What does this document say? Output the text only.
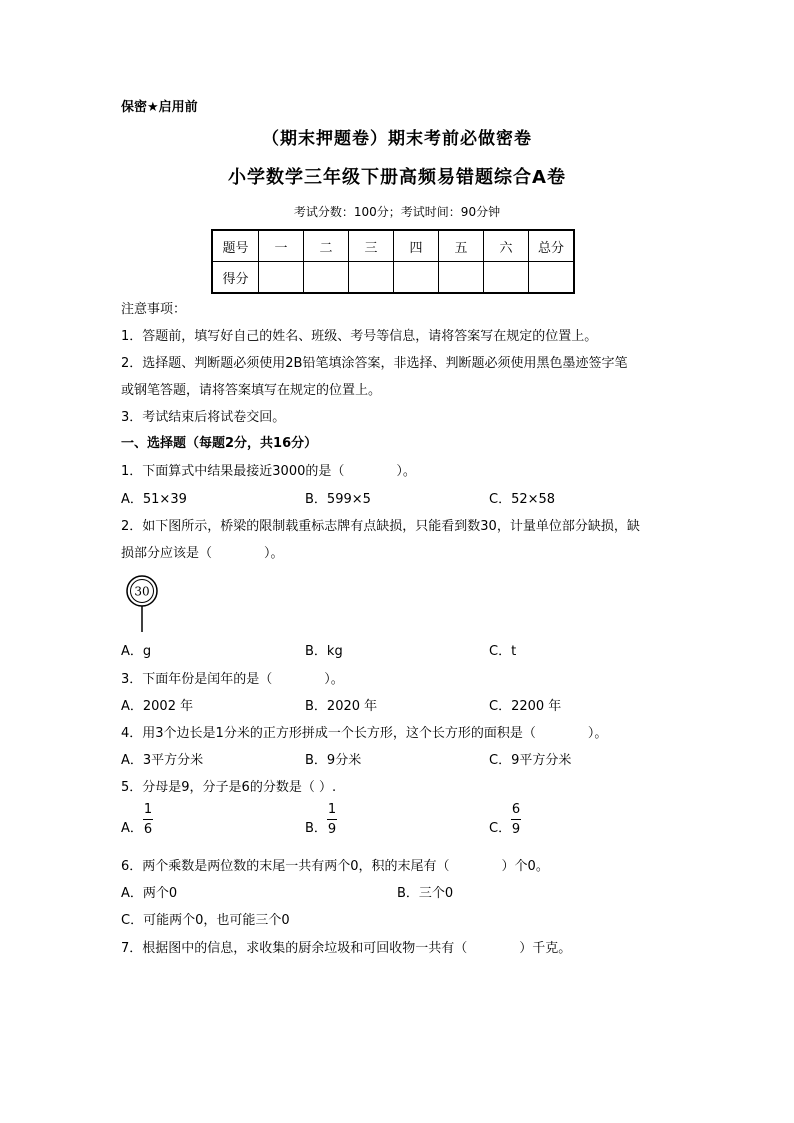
保密★启用前
（期末押题卷）期末考前必做密卷
小学数学三年级下册高频易错题综合A卷
考试分数：100分；考试时间：90分钟
题号	一	二	三	四	五	六	总分
得分							
注意事项：
1．答题前，填写好自己的姓名、班级、考号等信息，请将答案写在规定的位置上。
2．选择题、判断题必须使用2B铅笔填涂答案，非选择、判断题必须使用黑色墨迹签字笔
或钢笔答题，请将答案填写在规定的位置上。
3．考试结束后将试卷交回。
一、选择题（每题2分，共16分）
1．下面算式中结果最接近3000的是（　　　　）。
A．51×39	B．599×5	C．52×58
2．如下图所示，桥梁的限制载重标志牌有点缺损，只能看到数30，计量单位部分缺损，缺
损部分应该是（　　　　）。
30
A．g	B．kg	C．t
3．下面年份是闰年的是（　　　　）。
A．2002 年	B．2020 年	C．2200 年
4．用3个边长是1分米的正方形拼成一个长方形，这个长方形的面积是（　　　　）。
A．3平方分米	B．9分米	C．9平方分米
5．分母是9，分子是6的分数是（ ）.
A．
1
6	B．
1
9	C．
6
9
6．两个乘数是两位数的末尾一共有两个0，积的末尾有（　　　　）个0。
A．两个0	B．三个0
C．可能两个0，也可能三个0
7．根据图中的信息，求收集的厨余垃圾和可回收物一共有（　　　　）千克。
